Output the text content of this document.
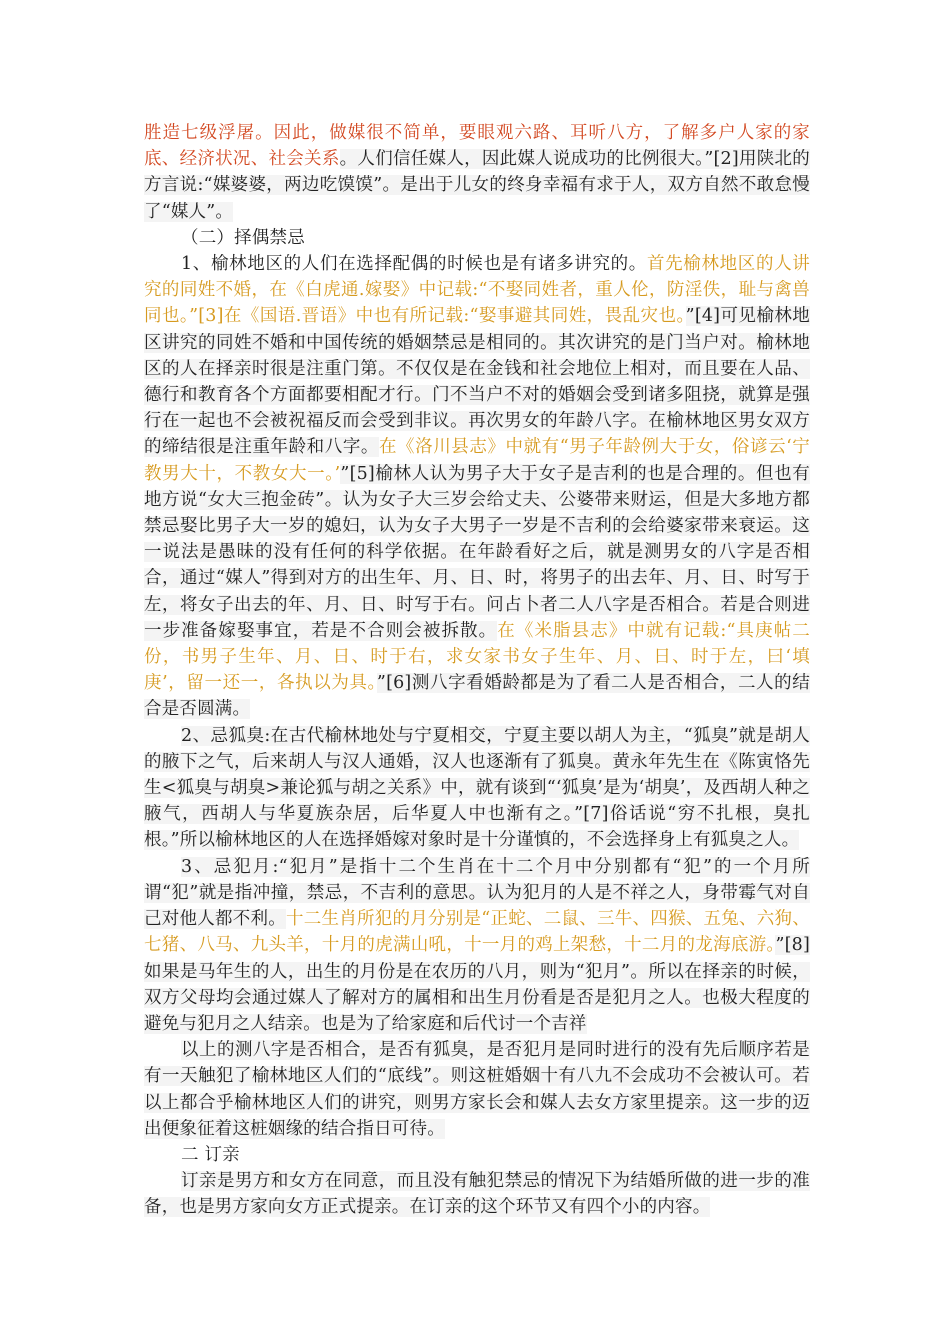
胜造七级浮屠。因此，做媒很不简单，要眼观六路、耳听八方，了解多户人家的家底、经济状况、社会关系。人们信任媒人，因此媒人说成功的比例很大。”[2]用陕北的方言说:“媒婆婆，两边吃馍馍”。是出于儿女的终身幸福有求于人，双方自然不敢怠慢了“媒人”。

（二）择偶禁忌

1、榆林地区的人们在选择配偶的时候也是有诸多讲究的。首先榆林地区的人讲究的同姓不婚，在《白虎通.嫁娶》中记载:“不娶同姓者，重人伦，防淫佚，耻与禽兽同也。”[3]在《国语.晋语》中也有所记载:“娶事避其同姓，畏乱灾也。”[4]可见榆林地区讲究的同姓不婚和中国传统的婚姻禁忌是相同的。其次讲究的是门当户对。榆林地区的人在择亲时很是注重门第。不仅仅是在金钱和社会地位上相对，而且要在人品、德行和教育各个方面都要相配才行。门不当户不对的婚姻会受到诸多阻挠，就算是强行在一起也不会被祝福反而会受到非议。再次男女的年龄八字。在榆林地区男女双方的缔结很是注重年龄和八字。在《洛川县志》中就有“男子年龄例大于女，俗谚云‘宁教男大十，不教女大一。’”[5]榆林人认为男子大于女子是吉利的也是合理的。但也有地方说“女大三抱金砖”。认为女子大三岁会给丈夫、公婆带来财运，但是大多地方都禁忌娶比男子大一岁的媳妇，认为女子大男子一岁是不吉利的会给婆家带来衰运。这一说法是愚昧的没有任何的科学依据。在年龄看好之后，就是测男女的八字是否相合，通过“媒人”得到对方的出生年、月、日、时，将男子的出去年、月、日、时写于左，将女子出去的年、月、日、时写于右。问占卜者二人八字是否相合。若是合则进一步准备嫁娶事宜，若是不合则会被拆散。在《米脂县志》中就有记载:“具庚帖二份，书男子生年、月、日、时于右，求女家书女子生年、月、日、时于左，曰‘填庚’，留一还一，各执以为具。”[6]测八字看婚龄都是为了看二人是否相合，二人的结合是否圆满。

2、忌狐臭:在古代榆林地处与宁夏相交，宁夏主要以胡人为主，“狐臭”就是胡人的腋下之气，后来胡人与汉人通婚，汉人也逐渐有了狐臭。黄永年先生在《陈寅恪先生<狐臭与胡臭>兼论狐与胡之关系》中，就有谈到“‘狐臭’是为‘胡臭’，及西胡人种之腋气，西胡人与华夏族杂居，后华夏人中也渐有之。”[7]俗话说“穷不扎根，臭扎根。”所以榆林地区的人在选择婚嫁对象时是十分谨慎的，不会选择身上有狐臭之人。

3、忌犯月:“犯月”是指十二个生肖在十二个月中分别都有“犯”的一个月所谓“犯”就是指冲撞，禁忌，不吉利的意思。认为犯月的人是不祥之人，身带霉气对自己对他人都不利。十二生肖所犯的月分别是“正蛇、二鼠、三牛、四猴、五兔、六狗、七猪、八马、九头羊，十月的虎满山吼，十一月的鸡上架愁，十二月的龙海底游。”[8]如果是马年生的人，出生的月份是在农历的八月，则为“犯月”。所以在择亲的时候，双方父母均会通过媒人了解对方的属相和出生月份看是否是犯月之人。也极大程度的避免与犯月之人结亲。也是为了给家庭和后代讨一个吉祥

以上的测八字是否相合，是否有狐臭，是否犯月是同时进行的没有先后顺序若是有一天触犯了榆林地区人们的“底线”。则这桩婚姻十有八九不会成功不会被认可。若以上都合乎榆林地区人们的讲究，则男方家长会和媒人去女方家里提亲。这一步的迈出便象征着这桩姻缘的结合指日可待。

二 订亲

订亲是男方和女方在同意，而且没有触犯禁忌的情况下为结婚所做的进一步的准备，也是男方家向女方正式提亲。在订亲的这个环节又有四个小的内容。
